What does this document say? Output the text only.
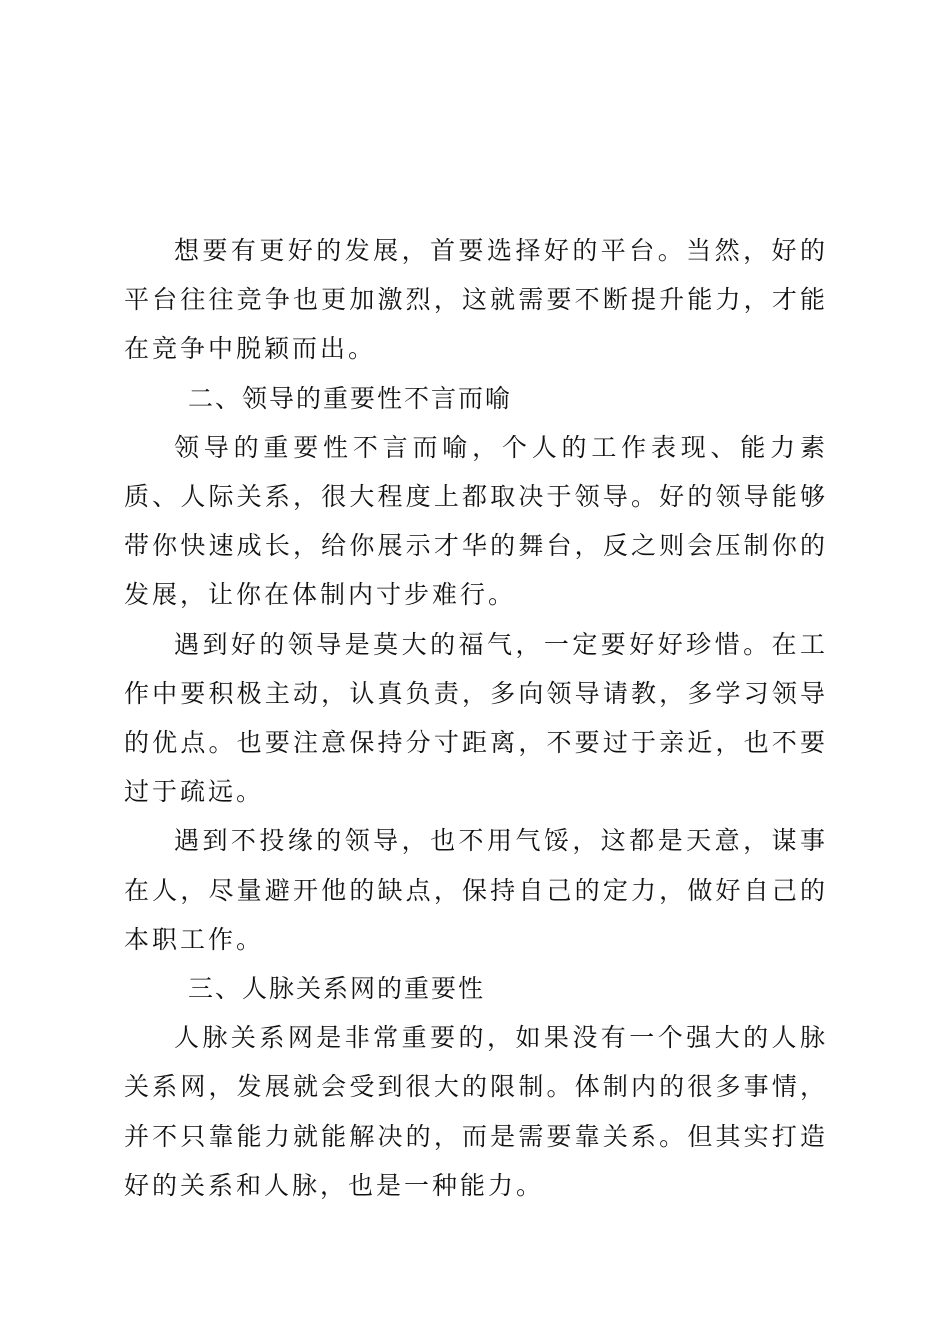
想要有更好的发展，首要选择好的平台。当然，好的平台往往竞争也更加激烈，这就需要不断提升能力，才能在竞争中脱颖而出。

二、领导的重要性不言而喻

领导的重要性不言而喻，个人的工作表现、能力素质、人际关系，很大程度上都取决于领导。好的领导能够带你快速成长，给你展示才华的舞台，反之则会压制你的发展，让你在体制内寸步难行。

遇到好的领导是莫大的福气，一定要好好珍惜。在工作中要积极主动，认真负责，多向领导请教，多学习领导的优点。也要注意保持分寸距离，不要过于亲近，也不要过于疏远。

遇到不投缘的领导，也不用气馁，这都是天意，谋事在人，尽量避开他的缺点，保持自己的定力，做好自己的本职工作。

三、人脉关系网的重要性

人脉关系网是非常重要的，如果没有一个强大的人脉关系网，发展就会受到很大的限制。体制内的很多事情，并不只靠能力就能解决的，而是需要靠关系。但其实打造好的关系和人脉，也是一种能力。
